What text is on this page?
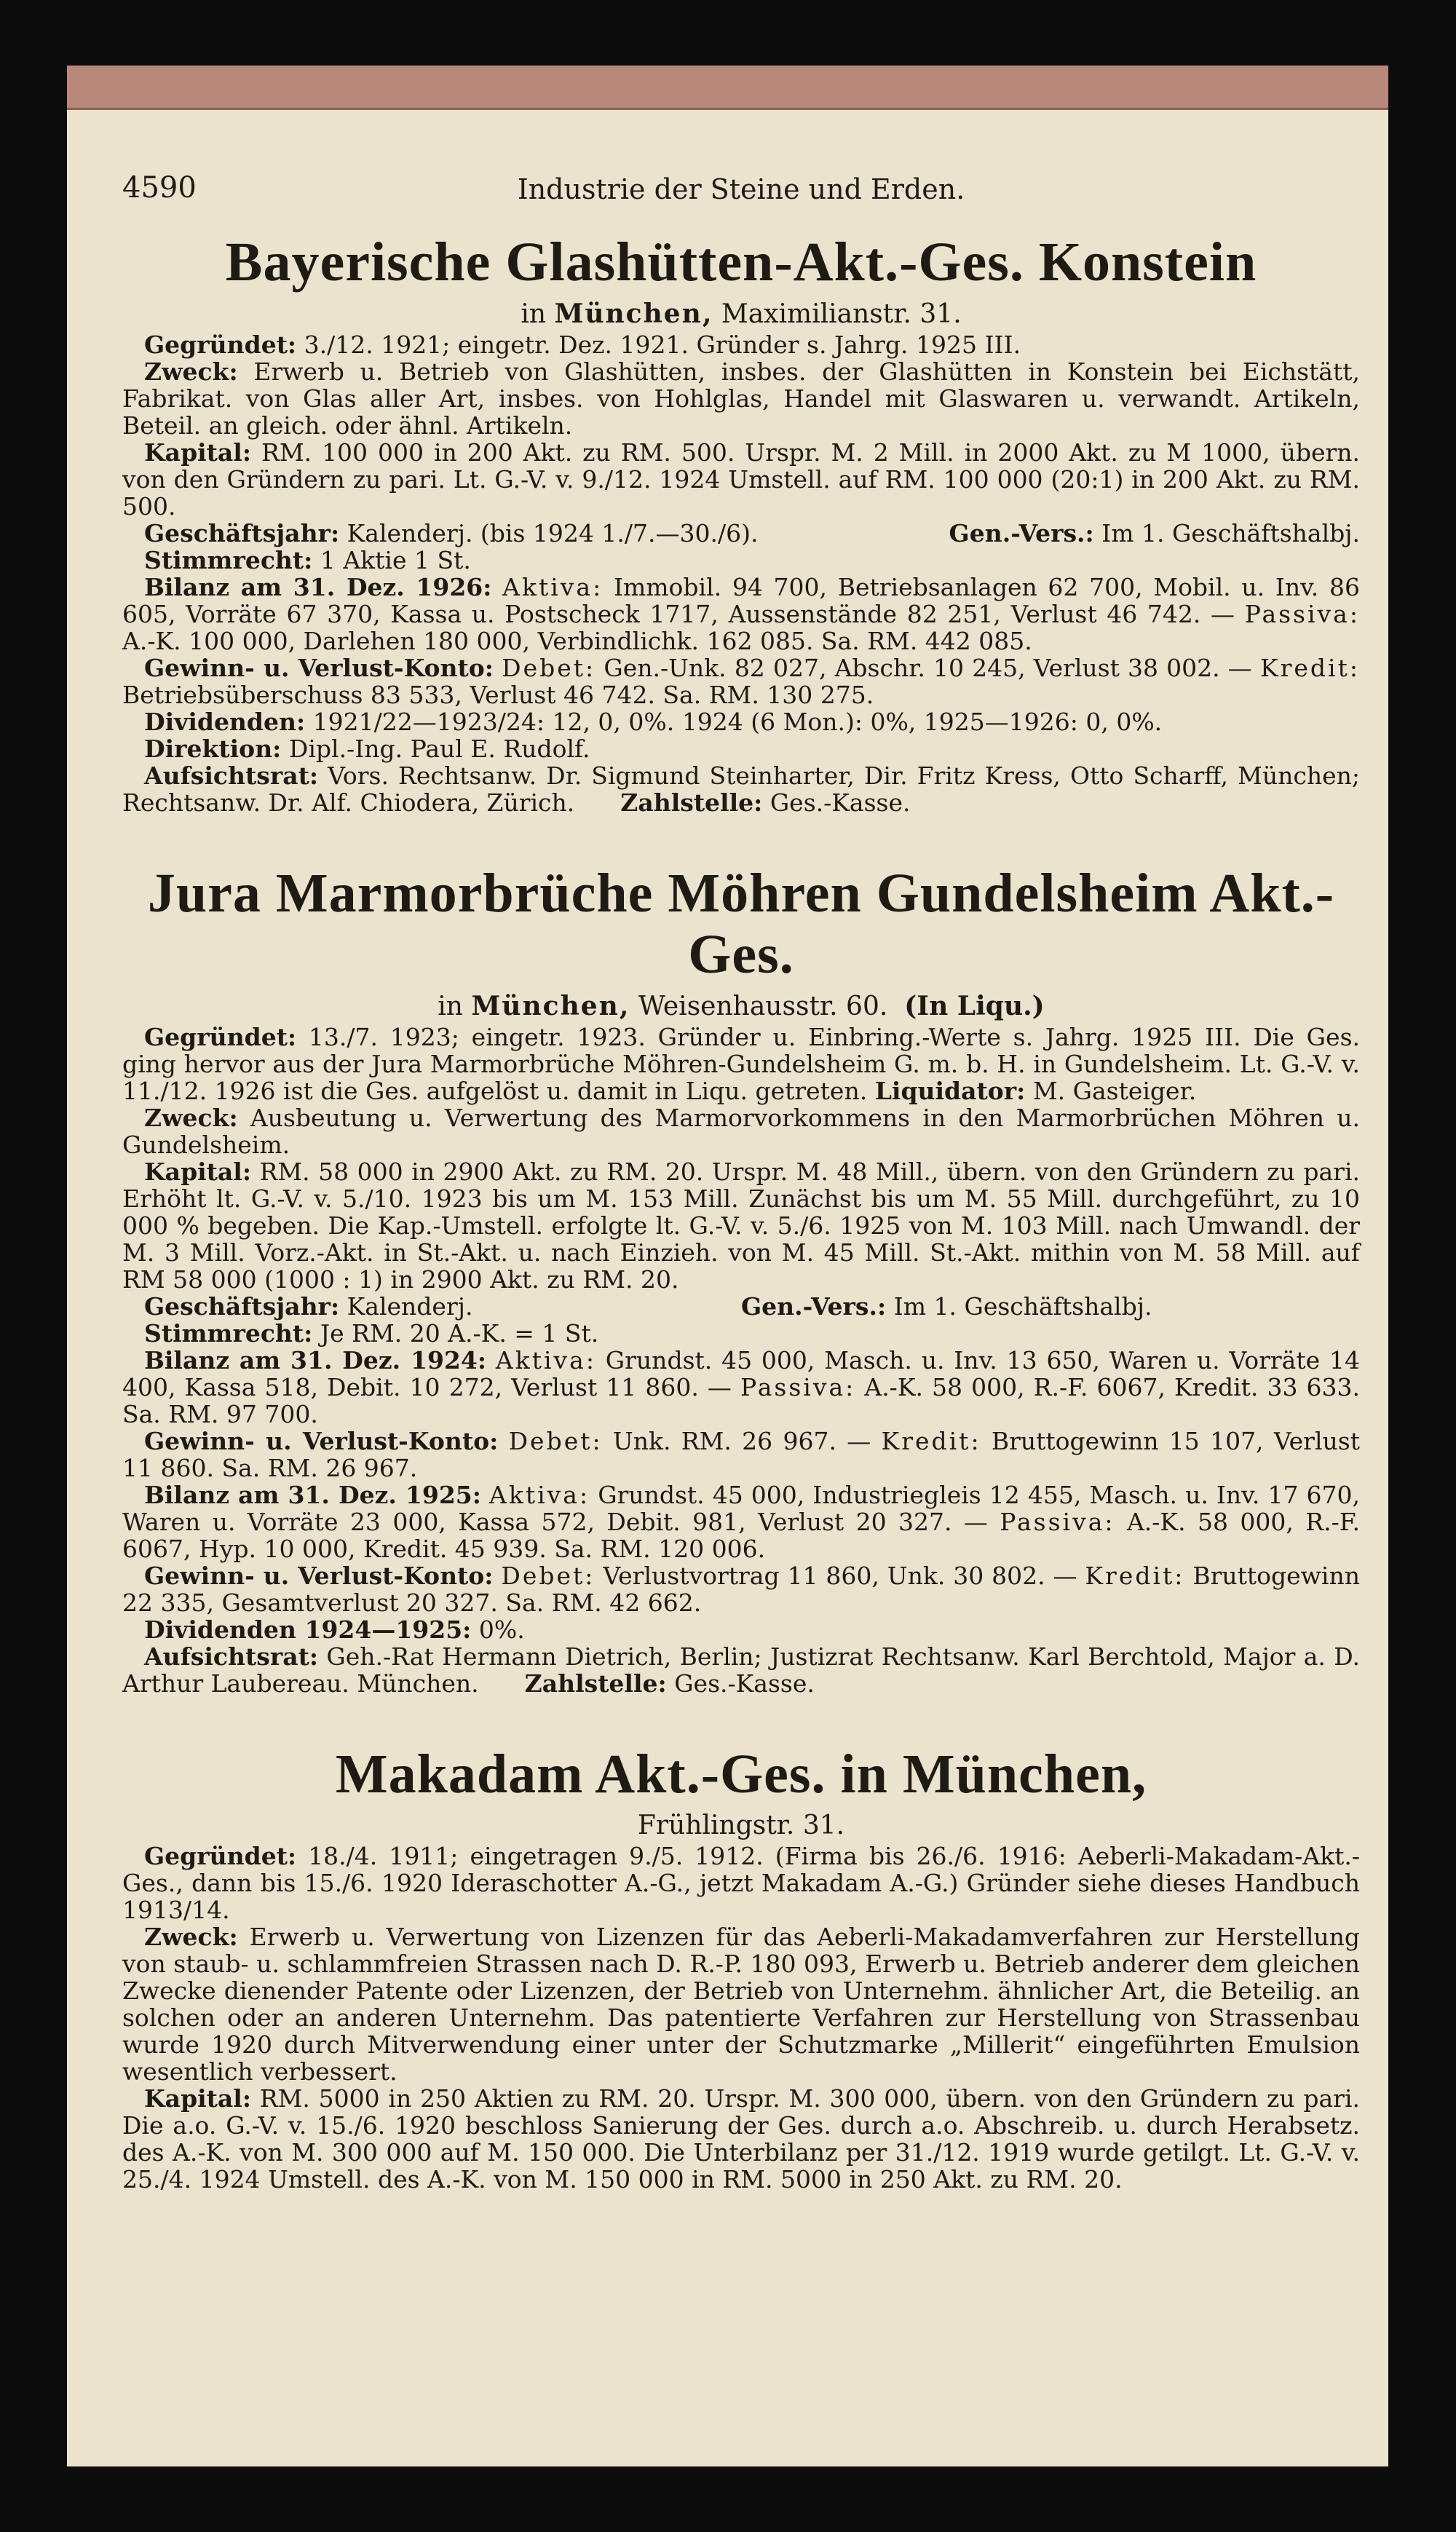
4590	Industrie der Steine und Erden.
Bayerische Glashütten-Akt.-Ges. Konstein
in München, Maximilianstr. 31.

Gegründet: 3./12. 1921; eingetr. Dez. 1921. Gründer s. Jahrg. 1925 III.

Zweck: Erwerb u. Betrieb von Glashütten, insbes. der Glashütten in Konstein bei Eichstätt, Fabrikat. von Glas aller Art, insbes. von Hohlglas, Handel mit Glaswaren u. verwandt. Artikeln, Beteil. an gleich. oder ähnl. Artikeln.

Kapital: RM. 100 000 in 200 Akt. zu RM. 500. Urspr. M. 2 Mill. in 2000 Akt. zu M 1000, übern. von den Gründern zu pari. Lt. G.-V. v. 9./12. 1924 Umstell. auf RM. 100 000 (20:1) in 200 Akt. zu RM. 500.

Geschäftsjahr: Kalenderj. (bis 1924 1./7.—30./6).	Gen.-Vers.: Im 1. Geschäftshalbj.

Stimmrecht: 1 Aktie 1 St.

Bilanz am 31. Dez. 1926: Aktiva: Immobil. 94 700, Betriebsanlagen 62 700, Mobil. u. Inv. 86 605, Vorräte 67 370, Kassa u. Postscheck 1717, Aussenstände 82 251, Verlust 46 742. — Passiva: A.-K. 100 000, Darlehen 180 000, Verbindlichk. 162 085. Sa. RM. 442 085.

Gewinn- u. Verlust-Konto: Debet: Gen.-Unk. 82 027, Abschr. 10 245, Verlust 38 002. — Kredit: Betriebsüberschuss 83 533, Verlust 46 742. Sa. RM. 130 275.

Dividenden: 1921/22—1923/24: 12, 0, 0%. 1924 (6 Mon.): 0%, 1925—1926: 0, 0%.

Direktion: Dipl.-Ing. Paul E. Rudolf.

Aufsichtsrat: Vors. Rechtsanw. Dr. Sigmund Steinharter, Dir. Fritz Kress, Otto Scharff, München; Rechtsanw. Dr. Alf. Chiodera, Zürich. Zahlstelle: Ges.-Kasse.

Jura Marmorbrüche Möhren Gundelsheim Akt.-Ges.
in München, Weisenhausstr. 60. (In Liqu.)

Gegründet: 13./7. 1923; eingetr. 1923. Gründer u. Einbring.-Werte s. Jahrg. 1925 III. Die Ges. ging hervor aus der Jura Marmorbrüche Möhren-Gundelsheim G. m. b. H. in Gundelsheim. Lt. G.-V. v. 11./12. 1926 ist die Ges. aufgelöst u. damit in Liqu. getreten. Liquidator: M. Gasteiger.

Zweck: Ausbeutung u. Verwertung des Marmorvorkommens in den Marmorbrüchen Möhren u. Gundelsheim.

Kapital: RM. 58 000 in 2900 Akt. zu RM. 20. Urspr. M. 48 Mill., übern. von den Gründern zu pari. Erhöht lt. G.-V. v. 5./10. 1923 bis um M. 153 Mill. Zunächst bis um M. 55 Mill. durchgeführt, zu 10 000 % begeben. Die Kap.-Umstell. erfolgte lt. G.-V. v. 5./6. 1925 von M. 103 Mill. nach Umwandl. der M. 3 Mill. Vorz.-Akt. in St.-Akt. u. nach Einzieh. von M. 45 Mill. St.-Akt. mithin von M. 58 Mill. auf RM 58 000 (1000 : 1) in 2900 Akt. zu RM. 20.

Geschäftsjahr: Kalenderj.	Gen.-Vers.: Im 1. Geschäftshalbj.

Stimmrecht: Je RM. 20 A.-K. = 1 St.

Bilanz am 31. Dez. 1924: Aktiva: Grundst. 45 000, Masch. u. Inv. 13 650, Waren u. Vorräte 14 400, Kassa 518, Debit. 10 272, Verlust 11 860. — Passiva: A.-K. 58 000, R.-F. 6067, Kredit. 33 633. Sa. RM. 97 700.

Gewinn- u. Verlust-Konto: Debet: Unk. RM. 26 967. — Kredit: Bruttogewinn 15 107, Verlust 11 860. Sa. RM. 26 967.

Bilanz am 31. Dez. 1925: Aktiva: Grundst. 45 000, Industriegleis 12 455, Masch. u. Inv. 17 670, Waren u. Vorräte 23 000, Kassa 572, Debit. 981, Verlust 20 327. — Passiva: A.-K. 58 000, R.-F. 6067, Hyp. 10 000, Kredit. 45 939. Sa. RM. 120 006.

Gewinn- u. Verlust-Konto: Debet: Verlustvortrag 11 860, Unk. 30 802. — Kredit: Bruttogewinn 22 335, Gesamtverlust 20 327. Sa. RM. 42 662.

Dividenden 1924—1925: 0%.

Aufsichtsrat: Geh.-Rat Hermann Dietrich, Berlin; Justizrat Rechtsanw. Karl Berchtold, Major a. D. Arthur Laubereau. München. Zahlstelle: Ges.-Kasse.

Makadam Akt.-Ges. in München,
Frühlingstr. 31.

Gegründet: 18./4. 1911; eingetragen 9./5. 1912. (Firma bis 26./6. 1916: Aeberli-Makadam-Akt.-Ges., dann bis 15./6. 1920 Ideraschotter A.-G., jetzt Makadam A.-G.) Gründer siehe dieses Handbuch 1913/14.

Zweck: Erwerb u. Verwertung von Lizenzen für das Aeberli-Makadamverfahren zur Herstellung von staub- u. schlammfreien Strassen nach D. R.-P. 180 093, Erwerb u. Betrieb anderer dem gleichen Zwecke dienender Patente oder Lizenzen, der Betrieb von Unternehm. ähnlicher Art, die Beteilig. an solchen oder an anderen Unternehm. Das patentierte Verfahren zur Herstellung von Strassenbau wurde 1920 durch Mitverwendung einer unter der Schutzmarke „Millerit“ eingeführten Emulsion wesentlich verbessert.

Kapital: RM. 5000 in 250 Aktien zu RM. 20. Urspr. M. 300 000, übern. von den Gründern zu pari. Die a.o. G.-V. v. 15./6. 1920 beschloss Sanierung der Ges. durch a.o. Abschreib. u. durch Herabsetz. des A.-K. von M. 300 000 auf M. 150 000. Die Unterbilanz per 31./12. 1919 wurde getilgt. Lt. G.-V. v. 25./4. 1924 Umstell. des A.-K. von M. 150 000 in RM. 5000 in 250 Akt. zu RM. 20.
